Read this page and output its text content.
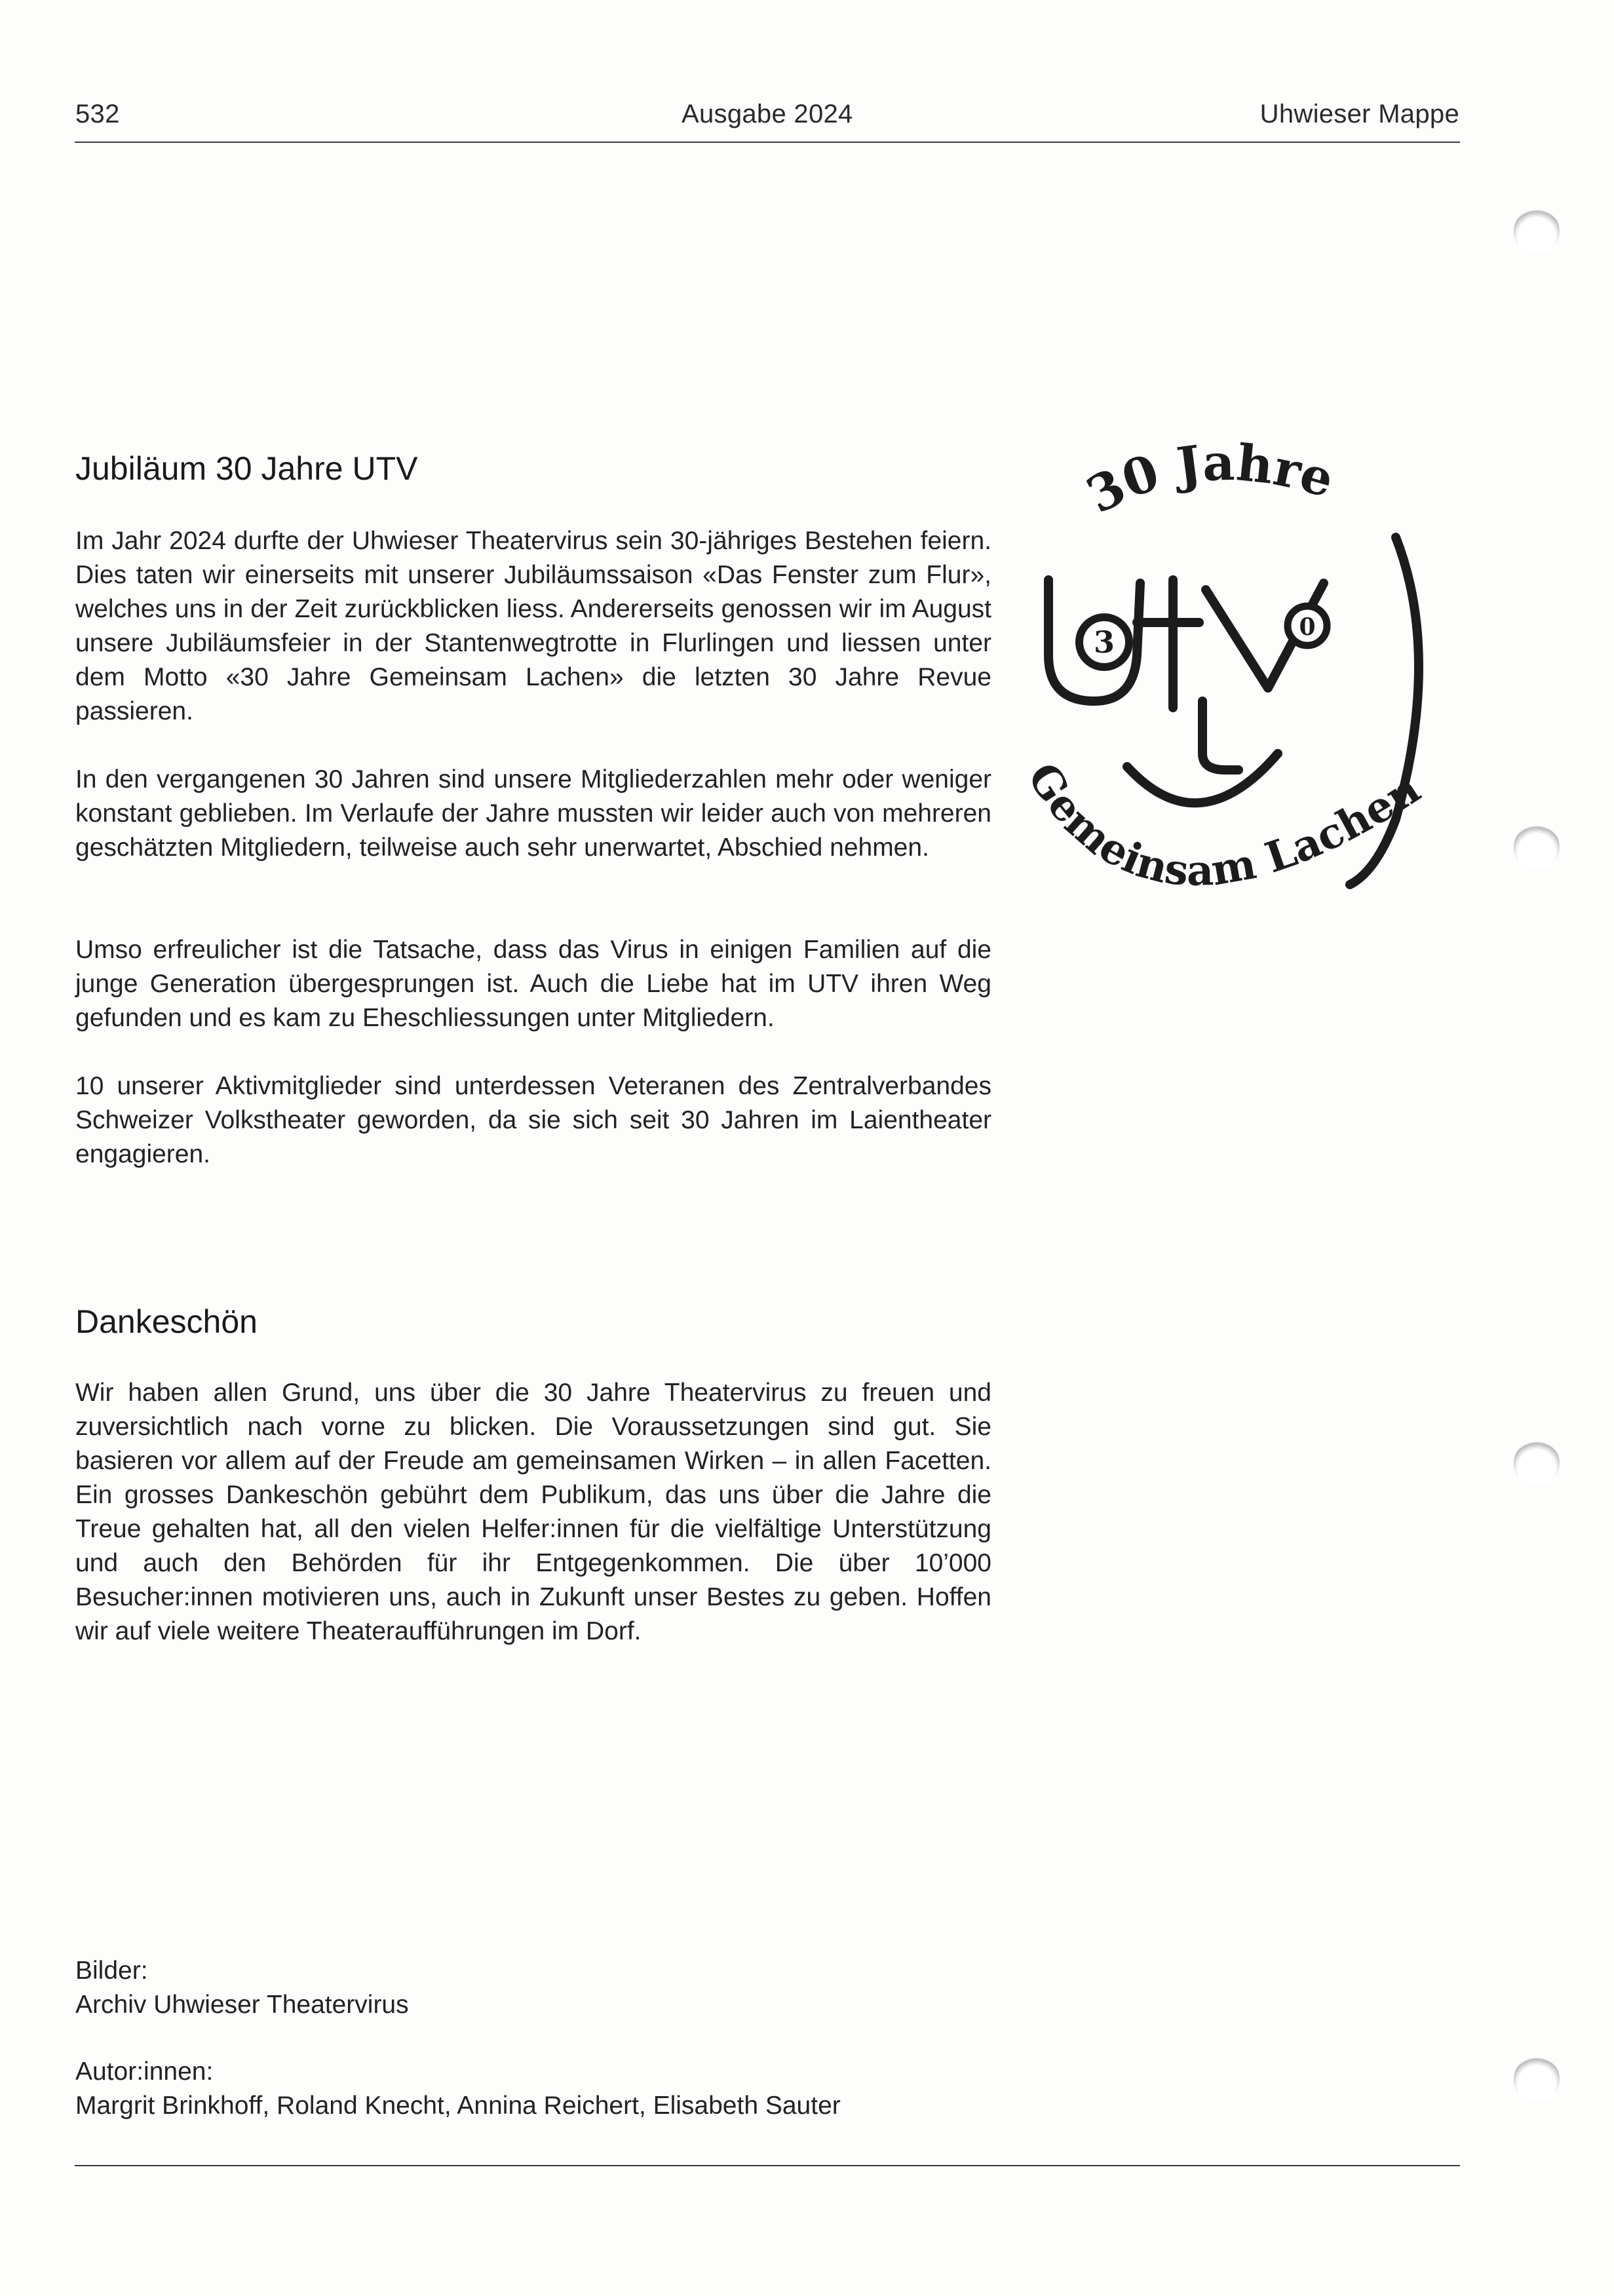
532	Ausgabe 2024	Uhwieser Mappe
Jubiläum 30 Jahre UTV

Im Jahr 2024 durfte der Uhwieser Theatervirus sein 30-jähriges Bestehen feiern. Dies taten wir einerseits mit unserer Jubiläumssaison «Das Fenster zum Flur», welches uns in der Zeit zurückblicken liess. Andererseits genossen wir im August unsere Jubiläumsfeier in der Stantenwegtrotte in Flurlingen und liessen unter dem Motto «30 Jahre Gemeinsam Lachen» die letzten 30 Jahre Revue passieren.

In den vergangenen 30 Jahren sind unsere Mitgliederzahlen mehr oder weniger konstant geblieben. Im Verlaufe der Jahre mussten wir leider auch von mehreren geschätzten Mitgliedern, teilweise auch sehr unerwartet, Abschied nehmen.

Umso erfreulicher ist die Tatsache, dass das Virus in einigen Familien auf die junge Generation übergesprungen ist. Auch die Liebe hat im UTV ihren Weg gefunden und es kam zu Eheschliessungen unter Mitgliedern.

10 unserer Aktivmitglieder sind unterdessen Veteranen des Zentralverbandes Schweizer Volkstheater geworden, da sie sich seit 30 Jahren im Laientheater engagieren.

3	0
30 Jahre
Gemeinsam Lachen
Dankeschön

Wir haben allen Grund, uns über die 30 Jahre Theatervirus zu freuen und zuversichtlich nach vorne zu blicken. Die Voraussetzungen sind gut. Sie basieren vor allem auf der Freude am gemeinsamen Wirken – in allen Facetten. Ein grosses Dankeschön gebührt dem Publikum, das uns über die Jahre die Treue gehalten hat, all den vielen Helfer:innen für die vielfältige Unterstützung und auch den Behörden für ihr Entgegenkommen. Die über 10’000 Besucher:innen motivieren uns, auch in Zukunft unser Bestes zu geben. Hoffen wir auf viele weitere Theateraufführungen im Dorf.

Bilder:
Archiv Uhwieser Theatervirus
Autor:innen:
Margrit Brinkhoff, Roland Knecht, Annina Reichert, Elisabeth Sauter
